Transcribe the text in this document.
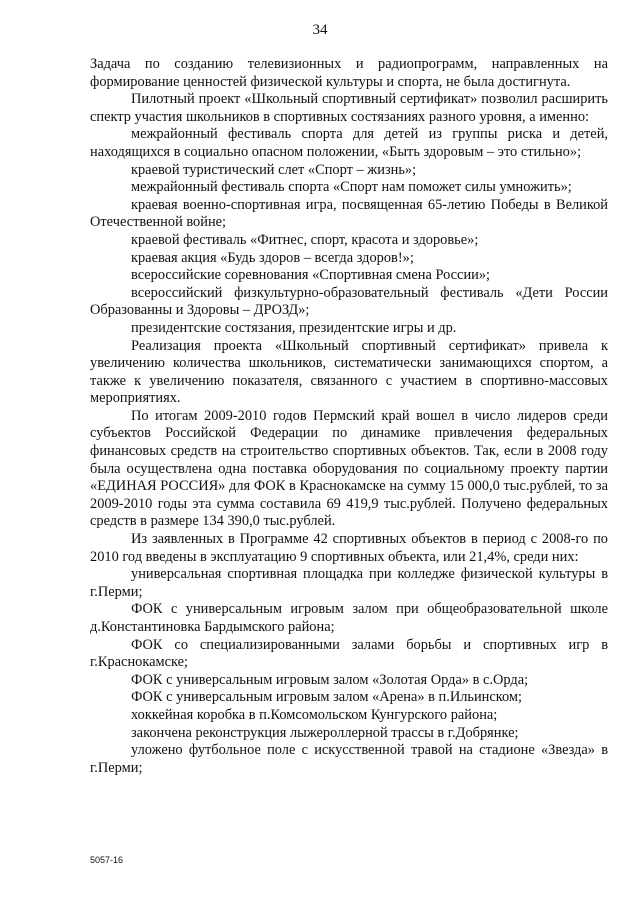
34

Задача по созданию телевизионных и радиопрограмм, направленных на формирование ценностей физической культуры и спорта, не была достигнута.

Пилотный проект «Школьный спортивный сертификат» позволил расширить спектр участия школьников в спортивных состязаниях разного уровня, а именно:

межрайонный фестиваль спорта для детей из группы риска и детей, находящихся в социально опасном положении, «Быть здоровым – это стильно»;

краевой туристический слет «Спорт – жизнь»;

межрайонный фестиваль спорта «Спорт нам поможет силы умножить»;

краевая военно-спортивная игра, посвященная 65-летию Победы в Великой Отечественной войне;

краевой фестиваль «Фитнес, спорт, красота и здоровье»;

краевая акция «Будь здоров – всегда здоров!»;

всероссийские соревнования «Спортивная смена России»;

всероссийский физкультурно-образовательный фестиваль «Дети России Образованны и Здоровы – ДРОЗД»;

президентские состязания, президентские игры и др.

Реализация проекта «Школьный спортивный сертификат» привела к увеличению количества школьников, систематически занимающихся спортом, а также к увеличению показателя, связанного с участием в спортивно-массовых мероприятиях.

По итогам 2009-2010 годов Пермский край вошел в число лидеров среди субъектов Российской Федерации по динамике привлечения федеральных финансовых средств на строительство спортивных объектов. Так, если в 2008 году была осуществлена одна поставка оборудования по социальному проекту партии «ЕДИНАЯ РОССИЯ» для ФОК в Краснокамске на сумму 15 000,0 тыс.рублей, то за 2009-2010 годы эта сумма составила 69 419,9 тыс.рублей. Получено федеральных средств в размере 134 390,0 тыс.рублей.

Из заявленных в Программе 42 спортивных объектов в период с 2008-го по 2010 год введены в эксплуатацию 9 спортивных объекта, или 21,4%, среди них:

универсальная спортивная площадка при колледже физической культуры в г.Перми;

ФОК с универсальным игровым залом при общеобразовательной школе д.Константиновка Бардымского района;

ФОК со специализированными залами борьбы и спортивных игр в г.Краснокамске;

ФОК с универсальным игровым залом «Золотая Орда» в с.Орда;

ФОК с универсальным игровым залом «Арена» в п.Ильинском;

хоккейная коробка в п.Комсомольском Кунгурского района;

закончена реконструкция лыжероллерной трассы в г.Добрянке;

уложено футбольное поле с искусственной травой на стадионе «Звезда» в г.Перми;

5057-16
